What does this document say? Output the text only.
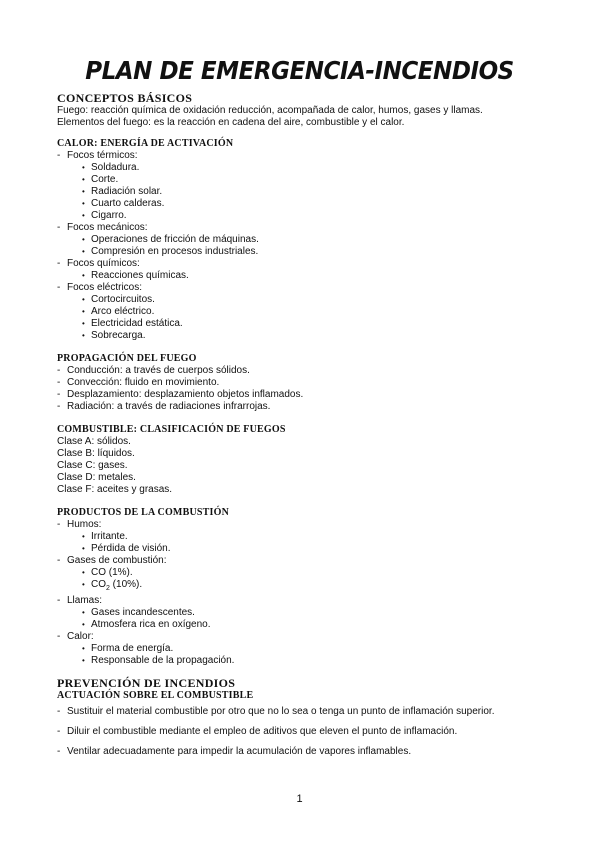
PLAN DE EMERGENCIA-INCENDIOS
CONCEPTOS BÁSICOS

Fuego: reacción química de oxidación reducción, acompañada de calor, humos, gases y llamas.

Elementos del fuego: es la reacción en cadena del aire, combustible y el calor.

CALOR: ENERGÍA DE ACTIVACIÓN
- Focos térmicos:
• Soldadura.
• Corte.
• Radiación solar.
• Cuarto calderas.
• Cigarro.
- Focos mecánicos:
• Operaciones de fricción de máquinas.
• Compresión en procesos industriales.
- Focos químicos:
• Reacciones químicas.
- Focos eléctricos:
• Cortocircuitos.
• Arco eléctrico.
• Electricidad estática.
• Sobrecarga.
PROPAGACIÓN DEL FUEGO
- Conducción: a través de cuerpos sólidos.
- Convección: fluido en movimiento.
- Desplazamiento: desplazamiento objetos inflamados.
- Radiación: a través de radiaciones infrarrojas.
COMBUSTIBLE: CLASIFICACIÓN DE FUEGOS

Clase A: sólidos.

Clase B: líquidos.

Clase C: gases.

Clase D: metales.

Clase F: aceites y grasas.

PRODUCTOS DE LA COMBUSTIÓN
- Humos:
• Irritante.
• Pérdida de visión.
- Gases de combustión:
• CO (1%).
• $CO_2$ (10%).
- Llamas:
• Gases incandescentes.
• Atmosfera rica en oxígeno.
- Calor:
• Forma de energía.
• Responsable de la propagación.
PREVENCIÓN DE INCENDIOS
ACTUACIÓN SOBRE EL COMBUSTIBLE
- Sustituir el material combustible por otro que no lo sea o tenga un punto de inflamación superior.
- Diluir el combustible mediante el empleo de aditivos que eleven el punto de inflamación.
- Ventilar adecuadamente para impedir la acumulación de vapores inflamables.
1
